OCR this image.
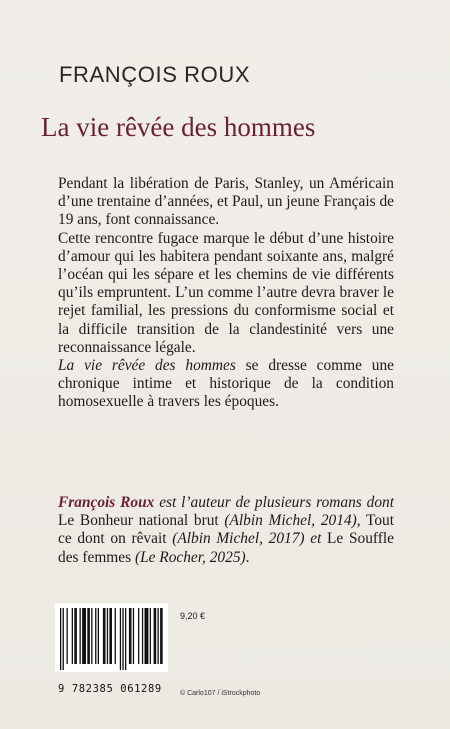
FRANÇOIS ROUX
La vie rêvée des hommes

Pendant la libération de Paris, Stanley, un Américain d’une trentaine d’années, et Paul, un jeune Français de 19 ans, font connaissance.

Cette rencontre fugace marque le début d’une histoire d’amour qui les habitera pendant soixante ans, malgré l’océan qui les sépare et les chemins de vie différents qu’ils empruntent. L’un comme l’autre devra braver le rejet familial, les pressions du conformisme social et la difficile transition de la clandestinité vers une reconnaissance légale.

La vie rêvée des hommes se dresse comme une chronique intime et historique de la condition homosexuelle à travers les époques.

François Roux est l’auteur de plusieurs romans dont Le Bonheur national brut (Albin Michel, 2014), Tout ce dont on rêvait (Albin Michel, 2017) et Le Souffle des femmes (Le Rocher, 2025).

9 782385 061289
9,20 €
© Carlo107 / iStrockphoto
